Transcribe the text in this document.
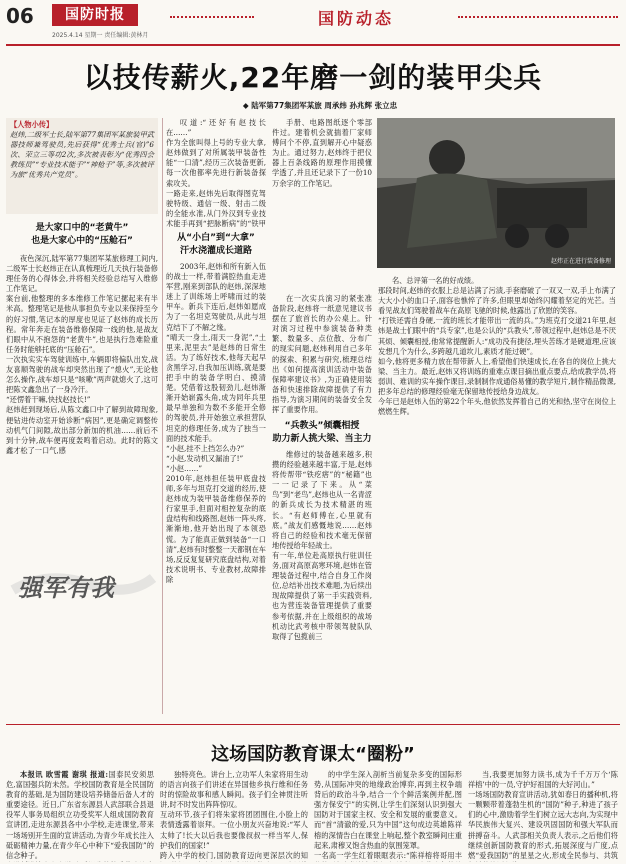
06	国防时报
2025.4.14 星期一 责任编辑:黄林月
国防动态
以技传薪火,22年磨一剑的装甲尖兵
◆ 陆军第77集团军某旅 周承炜 孙兆辉 张立忠
【人物小传】
赵炜,二级军士长,陆军第77集团军某旅装甲武器技师兼驾驶员,先后获得“优秀士兵(官)”6次、荣立三等功2次,多次被表彰为“优秀四会教练员”“专业技术能手”“神枪手”等,多次被评为旅“优秀共产党员”。
是大家口中的“老黄牛”
也是大家心中的“压舱石”
夜色深沉,陆军第77集团军某旅修理工间内,二级军士长赵炜正在认真梳理近几天执行装备修理任务的心得体会,并将相关经验总结写入维修工作笔记。
案台前,他整理的多本维修工作笔记摞起来有半米高。整理笔记是他从事担负专业以来保持至今的好习惯,笔记本的厚度也见证了赵炜的成长历程。常年奔走在装备维修保障一线的他,是战友们眼中从不抱怨的“老黄牛”,也是执行急难险重任务时能够托底的“压舱石”。
一次执实实车驾驶训练中,车辆即将偏队出发,战友喜顺驾驶的战车却突然出现了“熄火”,无论他怎么操作,战车却只是“咳嗽”两声就熄火了,这可把陈文鑫急出了一身冷汗。
“还愣着干嘛,快找赵技长!”
赵炜赶到现场后,从陈文鑫口中了解到故障现象,便钻进传动室开始诊断“病因”,更是确定调整传动机气门间隙,故出部分新加的机油……前后不到十分钟,战车便再度轰鸣着启动。此时的陈文鑫才松了一口气,感
强军有我
叹道:“还好有赵技长在……”
作为全旅叫得上号的专业大拿,赵炜做到了对所属装甲装备性能“一口清”,经历三次装备更新,每一次他都率先进行新装备探索攻关。
一路走来,赵炜先后取得图克驾驶特级、通信一级、射击二级的全能水准,从门外汉到专业技术能手再到“把脉断病”的“铁甲
从“小白”到“大拿”
汗水浇灌成长道路
2003年,赵炜和所有新入伍的战士一样,带着满腔热血走进军营,刚来到部队的赵炜,深深地迷上了训练场上呼啸而过的装甲车。新兵下连后,赵炜如愿成为了一名坦克驾驶员,从此与坦克结下了不解之缘。
“晴天一身土,雨天一身泥”,“土里来,泥里去”是赵炜的日常生活。为了练好技术,他每天起早贪黑学习,自我加压训练,就是要把手中的装备学明白、摸清楚。凭借着这股韧劲儿,赵炜渐渐开始崭露头角,成为同年兵里最早单独和为数不多能开全修的驾驶员,并开始独立承担营队坦克的修理任务,成为了独当一面的技术能手。
“小赵,挂不上挡怎么办?”
“小赵,发动机又漏油了!”
“小赵……”
2010年,赵炜担任装甲底盘技师,多年与坦克打交道的经历,使赵炜成为装甲装备维修保养的行家里手,但面对相控复杂的底盘结构和线路图,赵炜一阵头疼,渐渐地,他开始出现了本领恐慌。为了能真正做到装备“一口清”,赵炜有时整整一天都钢在车场,反反复复研究底盘结构,对着技术说明书、专业教材,故障排除
手册、电路图纸逐个零部件过。建着机会就揣着厂家师傅问个不停,直到解开心中疑惑为止。通过努力,赵炜终于把仪器上百条线路的原理作用摸懂学透了,并且还记录下了一份10万余字的工作笔记。
赵炜正在进行装备修理
在一次实兵演习的紧张准备阶段,赵炜将一纸意见建议书摆在了旅首长的办公桌上。针对演习过程中参演装备种类繁、数量多、点位散、分布广的现实问题,赵炜利用自己多年的探索、积累与研究,梳理总结出《如何提高演训活动中装备保障率建议书》,为正确使用装备和快速排除故障提供了有力指导,为演习期间的装备安全发挥了重要作用。
“兵教头”倾囊相授
助力新人挑大梁、当主力
维修过的装备越来越多,积攒的经验越来越丰富,于是,赵炜将传帮带“铁疙瘩”的“秘籍”也一一记录了下来。从“菜鸟”到“老鸟”,赵炜也从一名青涩的新兵成长为技术精湛的班长。“有赵师傅在,心里就有底。”战友们感慨地说……赵炜将自己的经验和技术毫无保留地传授给年轻战士。
有一年,单位赴高原执行驻训任务,面对高原高寒环境,赵炜在管理装备过程中,结合自身工作岗位,总结补出技术难题,为后续出现故障提供了第一手实践资料,也为营连装备管理提供了重要参考依据,并在上级组织的战场机动比武考核中带领驾驶队队取得了包揽前三
名、总评第一名的好成绩。
那段时间,赵炜的衣服上总是沾满了污渍,手套磨破了一双又一双,手上布满了大大小小的血口子,面容也憔悴了许多,但眼里却始终闪耀着坚定的光芒。当看见战友们驾驶着战车在高原飞驰的时候,他露出了欣慰的笑容。
“打铁还需自身硬,一流的班长才能带出一流的兵。”为班克打交道21年里,赵炜是战士们眼中的“兵专家”,也是公认的“兵教头”,带领过程中,赵炜总是不厌其烦、倾囊相授,他常常提醒新人:“成功没有捷径,埋头苦练才是硬道理,应该发想几个为什么,多跨越几道坎儿,素质才能过硬”。
如今,他将更多精力放在帮带新人上,希望他们快速成长,在各自的岗位上挑大梁、当主力。最近,赵炜又将训练的重难点课目摘出重点要点,给成教学员,将弱训、难训的实车操作课目,录制制作成通俗易懂的教学短片,制作精品微课,把多年总结的修理经验毫无保留地传授给身边战友。
今年已是赵炜入伍的第22个年头,他依然发挥着自己的光和热,坚守在岗位上燃燃生辉。
这场国防教育课太“圈粉”
本报讯 欧雪霞 谢琪 报道:国泰民安须思危,富国强兵防未然。学校国防教育是全民国防教育的基础,是为国防建设培养储备后备人才的重要途径。近日,广东省东源县人武部联合县退役军人事务局组织立功受奖军人组成国防教育宣讲团,走进东源县各中小学校,走进课堂,带来一场场别开生面的宣讲活动,为青少年成长注入砥砺精神力量,在青少年心中种下“爱我国防”的信念种子。

独特亮色。讲台上,立功军人朱家将用生动的语言向孩子们讲述在异国他乡执行维和任务时的惊险故事和感人瞬间。孩子们全神贯注听讲,时不时发出阵阵惊叹。
互动环节,孩子们将朱家将团团围住,小脸上的表情透露着崇拜。一位小朋友兴奋地说:“军人太帅了!长大以后我也要像叔叔一样当军人,保护我们的国家!”
跨入中学的校门,国防教育迈向更深层次的知
的中学生深入剖析当前复杂多变的国际形势,从国际冲突的地缘政治博弈,再到主权争端背后的政治斗争,结合一个个鲜活案例并配,图强方保安宁”的实例,让学生们深刻认识到强大国防对于国家主权、安全和发展的重要意义。而“首“清澈的爱,只为中国”这句成边英雄陈祥榕的深情告白在课堂上响起,整个教室瞬间庄重起来,肃穆又饱含热血的氛围笼罩。
一名高一学生红着眼眶表示:“陈祥榕将哥用丰
当,我要更加努力读书,成为千千万万个‘陈祥榕’中的一员,守护好祖国的大好河山。”
一场场国防教育宣讲活动,犹如春日的播种机,将一颗颗带着蓬勃生机的“国防”种子,种进了孩子们的心中,激励着学生们树立远大志向,为实现中华民族伟大复兴、建设巩固国防和强大军队而拼搏奋斗。人武部相关负责人表示,之后他们将继续创新国防教育的形式,拓展深度与广度,点燃“爱我国防”的星星之火,形成全民参与、共筑
